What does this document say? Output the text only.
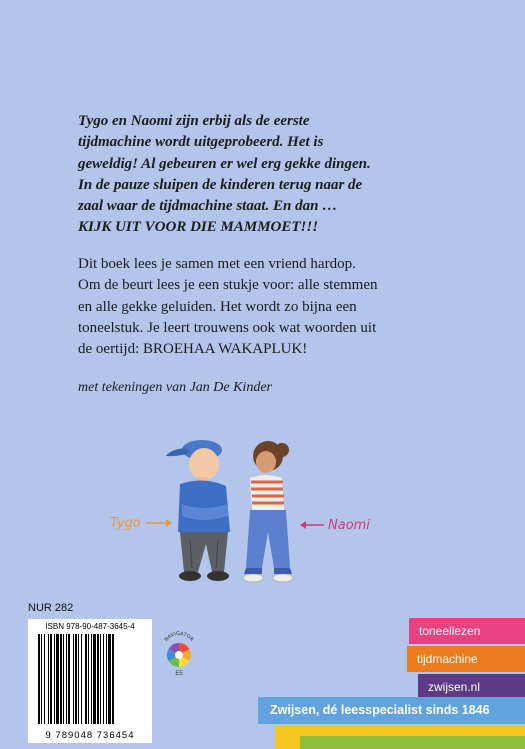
Tygo en Naomi zijn erbij als de eerste
tijdmachine wordt uitgeprobeerd. Het is
geweldig! Al gebeuren er wel erg gekke dingen.
In de pauze sluipen de kinderen terug naar de
zaal waar de tijdmachine staat. En dan …
KIJK UIT VOOR DIE MAMMOET!!!
Dit boek lees je samen met een vriend hardop.
Om de beurt lees je een stukje voor: alle stemmen
en alle gekke geluiden. Het wordt zo bijna een
toneelstuk. Je leert trouwens ook wat woorden uit
de oertijd: BROEHAA WAKAPLUK!
met tekeningen van Jan De Kinder
Tygo	Naomi
NUR 282
ISBN 978-90-487-3645-4
9 789048 736454
NAVIGATOR
E5
toneellezen
tijdmachine
zwijsen.nl
Zwijsen, dé leesspecialist sinds 1846
